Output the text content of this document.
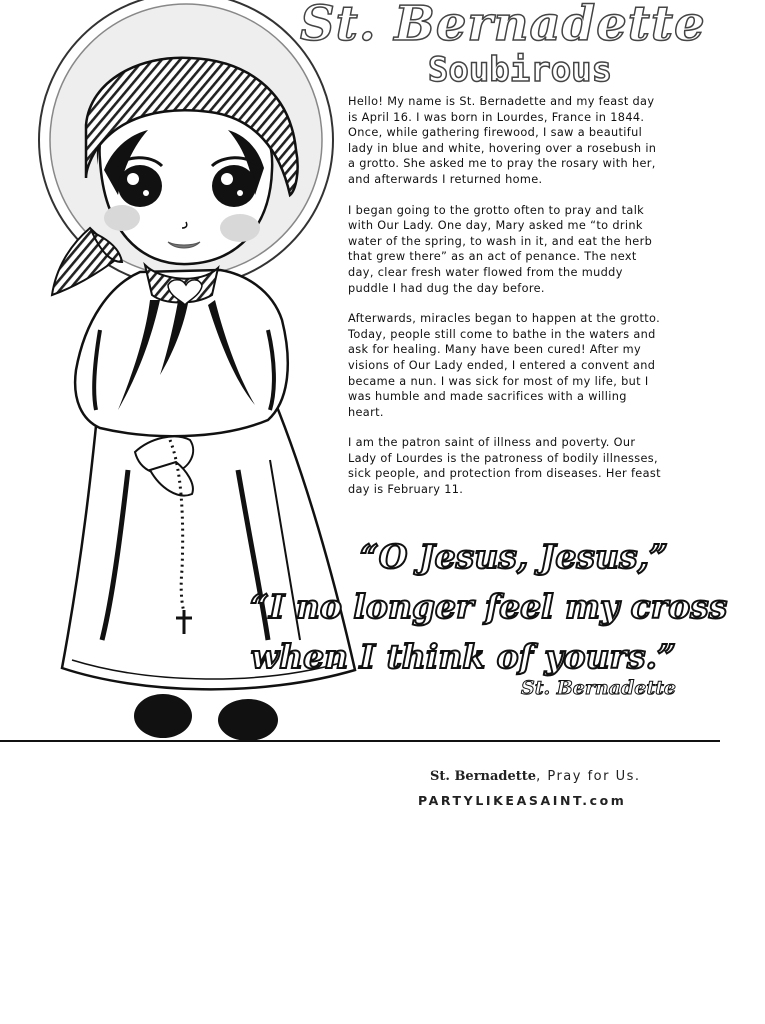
St. Bernadette
Soubirous

Hello! My name is St. Bernadette and my feast day is April 16. I was born in Lourdes, France in 1844. Once, while gathering firewood, I saw a beautiful lady in blue and white, hovering over a rosebush in a grotto. She asked me to pray the rosary with her, and afterwards I returned home.

I began going to the grotto often to pray and talk with Our Lady. One day, Mary asked me “to drink water of the spring, to wash in it, and eat the herb that grew there” as an act of penance. The next day, clear fresh water flowed from the muddy puddle I had dug the day before.

Afterwards, miracles began to happen at the grotto. Today, people still come to bathe in the waters and ask for healing. Many have been cured! After my visions of Our Lady ended, I entered a convent and became a nun. I was sick for most of my life, but I was humble and made sacrifices with a willing heart.

I am the patron saint of illness and poverty. Our Lady of Lourdes is the patroness of bodily illnesses, sick people, and protection from diseases. Her feast day is February 11.

“O Jesus, Jesus,”
“I no longer feel my cross
when I think of yours.”
St. Bernadette
St. Bernadette, Pray for Us.
PARTYLIKEASAINT.com
